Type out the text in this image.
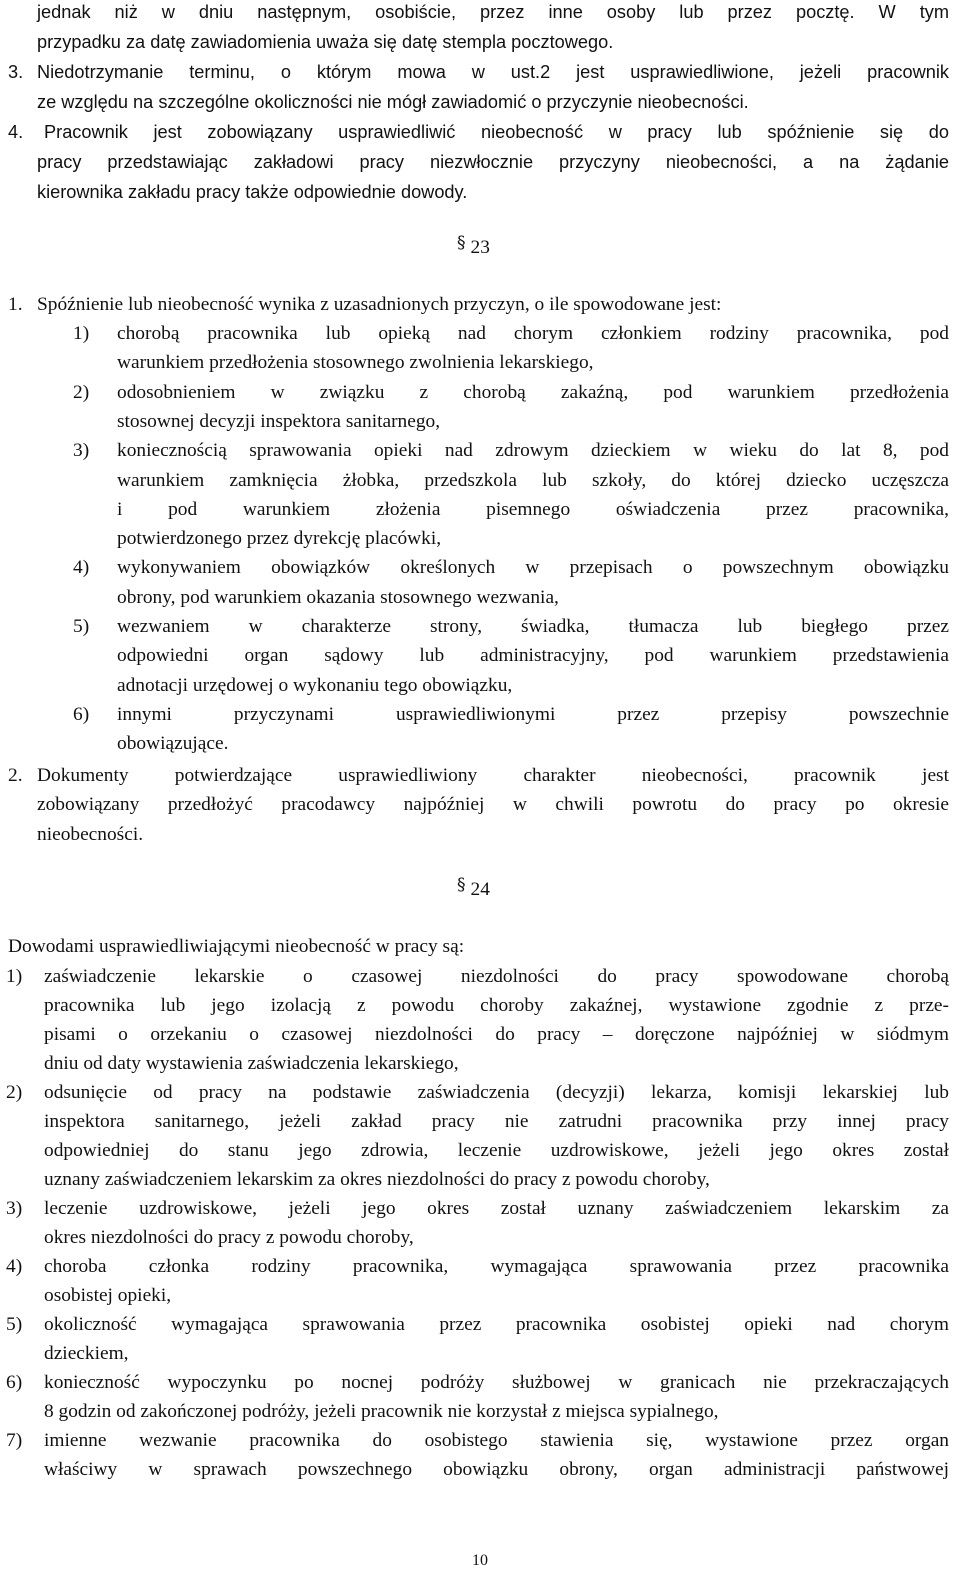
jednak niż w dniu następnym, osobiście, przez inne osoby lub przez pocztę. W tym
przypadku za datę zawiadomienia uważa się datę stempla pocztowego.
3. Niedotrzymanie terminu, o którym mowa w ust.2 jest usprawiedliwione, jeżeli pracownik
ze względu na szczególne okoliczności nie mógł zawiadomić o przyczynie nieobecności.
4. Pracownik jest zobowiązany usprawiedliwić nieobecność w pracy lub spóźnienie się do
pracy przedstawiając zakładowi pracy niezwłocznie przyczyny nieobecności, a na żądanie
kierownika zakładu pracy także odpowiednie dowody.
§ 23
1. Spóźnienie lub nieobecność wynika z uzasadnionych przyczyn, o ile spowodowane jest:
1) chorobą pracownika lub opieką nad chorym członkiem rodziny pracownika, pod
warunkiem przedłożenia stosownego zwolnienia lekarskiego,
2) odosobnieniem w związku z chorobą zakaźną, pod warunkiem przedłożenia
stosownej decyzji inspektora sanitarnego,
3) koniecznością sprawowania opieki nad zdrowym dzieckiem w wieku do lat 8, pod
warunkiem zamknięcia żłobka, przedszkola lub szkoły, do której dziecko uczęszcza
i pod warunkiem złożenia pisemnego oświadczenia przez pracownika,
potwierdzonego przez dyrekcję placówki,
4) wykonywaniem obowiązków określonych w przepisach o powszechnym obowiązku
obrony, pod warunkiem okazania stosownego wezwania,
5) wezwaniem w charakterze strony, świadka, tłumacza lub biegłego przez
odpowiedni organ sądowy lub administracyjny, pod warunkiem przedstawienia
adnotacji urzędowej o wykonaniu tego obowiązku,
6) innymi przyczynami usprawiedliwionymi przez przepisy powszechnie
obowiązujące.
2. Dokumenty potwierdzające usprawiedliwiony charakter nieobecności, pracownik jest
zobowiązany przedłożyć pracodawcy najpóźniej w chwili powrotu do pracy po okresie
nieobecności.
§ 24
Dowodami usprawiedliwiającymi nieobecność w pracy są:
1) zaświadczenie lekarskie o czasowej niezdolności do pracy spowodowane chorobą
pracownika lub jego izolacją z powodu choroby zakaźnej, wystawione zgodnie z prze-
pisami o orzekaniu o czasowej niezdolności do pracy – doręczone najpóźniej w siódmym
dniu od daty wystawienia zaświadczenia lekarskiego,
2) odsunięcie od pracy na podstawie zaświadczenia (decyzji) lekarza, komisji lekarskiej lub
inspektora sanitarnego, jeżeli zakład pracy nie zatrudni pracownika przy innej pracy
odpowiedniej do stanu jego zdrowia, leczenie uzdrowiskowe, jeżeli jego okres został
uznany zaświadczeniem lekarskim za okres niezdolności do pracy z powodu choroby,
3) leczenie uzdrowiskowe, jeżeli jego okres został uznany zaświadczeniem lekarskim za
okres niezdolności do pracy z powodu choroby,
4) choroba członka rodziny pracownika, wymagająca sprawowania przez pracownika
osobistej opieki,
5) okoliczność wymagająca sprawowania przez pracownika osobistej opieki nad chorym
dzieckiem,
6) konieczność wypoczynku po nocnej podróży służbowej w granicach nie przekraczających
8 godzin od zakończonej podróży, jeżeli pracownik nie korzystał z miejsca sypialnego,
7) imienne wezwanie pracownika do osobistego stawienia się, wystawione przez organ
właściwy w sprawach powszechnego obowiązku obrony, organ administracji państwowej
10
